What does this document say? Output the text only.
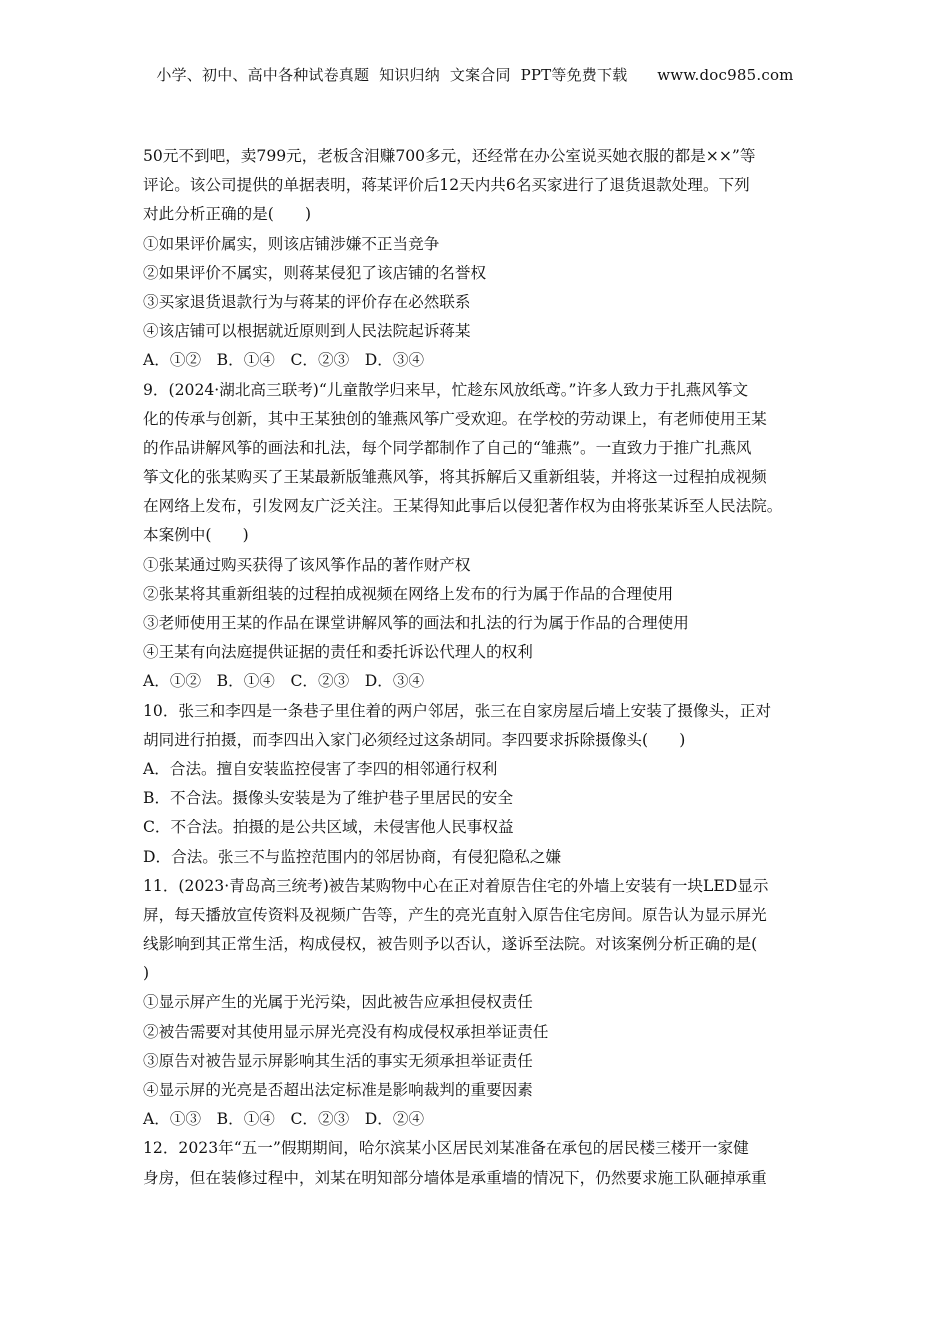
小学、初中、高中各种试卷真题  知识归纳  文案合同  PPT等免费下载      www.doc985.com
50元不到吧，卖799元，老板含泪赚700多元，还经常在办公室说买她衣服的都是××”等
评论。该公司提供的单据表明，蒋某评价后12天内共6名买家进行了退货退款处理。下列
对此分析正确的是(　　)
①如果评价属实，则该店铺涉嫌不正当竞争
②如果评价不属实，则蒋某侵犯了该店铺的名誉权
③买家退货退款行为与蒋某的评价存在必然联系
④该店铺可以根据就近原则到人民法院起诉蒋某
A．①②　B．①④　C．②③　D．③④
9．(2024·湖北高三联考)“儿童散学归来早，忙趁东风放纸鸢。”许多人致力于扎燕风筝文
化的传承与创新，其中王某独创的雏燕风筝广受欢迎。在学校的劳动课上，有老师使用王某
的作品讲解风筝的画法和扎法，每个同学都制作了自己的“雏燕”。一直致力于推广扎燕风
筝文化的张某购买了王某最新版雏燕风筝，将其拆解后又重新组装，并将这一过程拍成视频
在网络上发布，引发网友广泛关注。王某得知此事后以侵犯著作权为由将张某诉至人民法院。
本案例中(　　)
①张某通过购买获得了该风筝作品的著作财产权
②张某将其重新组装的过程拍成视频在网络上发布的行为属于作品的合理使用
③老师使用王某的作品在课堂讲解风筝的画法和扎法的行为属于作品的合理使用
④王某有向法庭提供证据的责任和委托诉讼代理人的权利
A．①②　B．①④　C．②③　D．③④
10．张三和李四是一条巷子里住着的两户邻居，张三在自家房屋后墙上安装了摄像头，正对
胡同进行拍摄，而李四出入家门必须经过这条胡同。李四要求拆除摄像头(　　)
A．合法。擅自安装监控侵害了李四的相邻通行权利
B．不合法。摄像头安装是为了维护巷子里居民的安全
C．不合法。拍摄的是公共区域，未侵害他人民事权益
D．合法。张三不与监控范围内的邻居协商，有侵犯隐私之嫌
11．(2023·青岛高三统考)被告某购物中心在正对着原告住宅的外墙上安装有一块LED显示
屏，每天播放宣传资料及视频广告等，产生的亮光直射入原告住宅房间。原告认为显示屏光
线影响到其正常生活，构成侵权，被告则予以否认，遂诉至法院。对该案例分析正确的是(
)
①显示屏产生的光属于光污染，因此被告应承担侵权责任
②被告需要对其使用显示屏光亮没有构成侵权承担举证责任
③原告对被告显示屏影响其生活的事实无须承担举证责任
④显示屏的光亮是否超出法定标准是影响裁判的重要因素
A．①③　B．①④　C．②③　D．②④
12．2023年“五一”假期期间，哈尔滨某小区居民刘某准备在承包的居民楼三楼开一家健
身房，但在装修过程中，刘某在明知部分墙体是承重墙的情况下，仍然要求施工队砸掉承重
